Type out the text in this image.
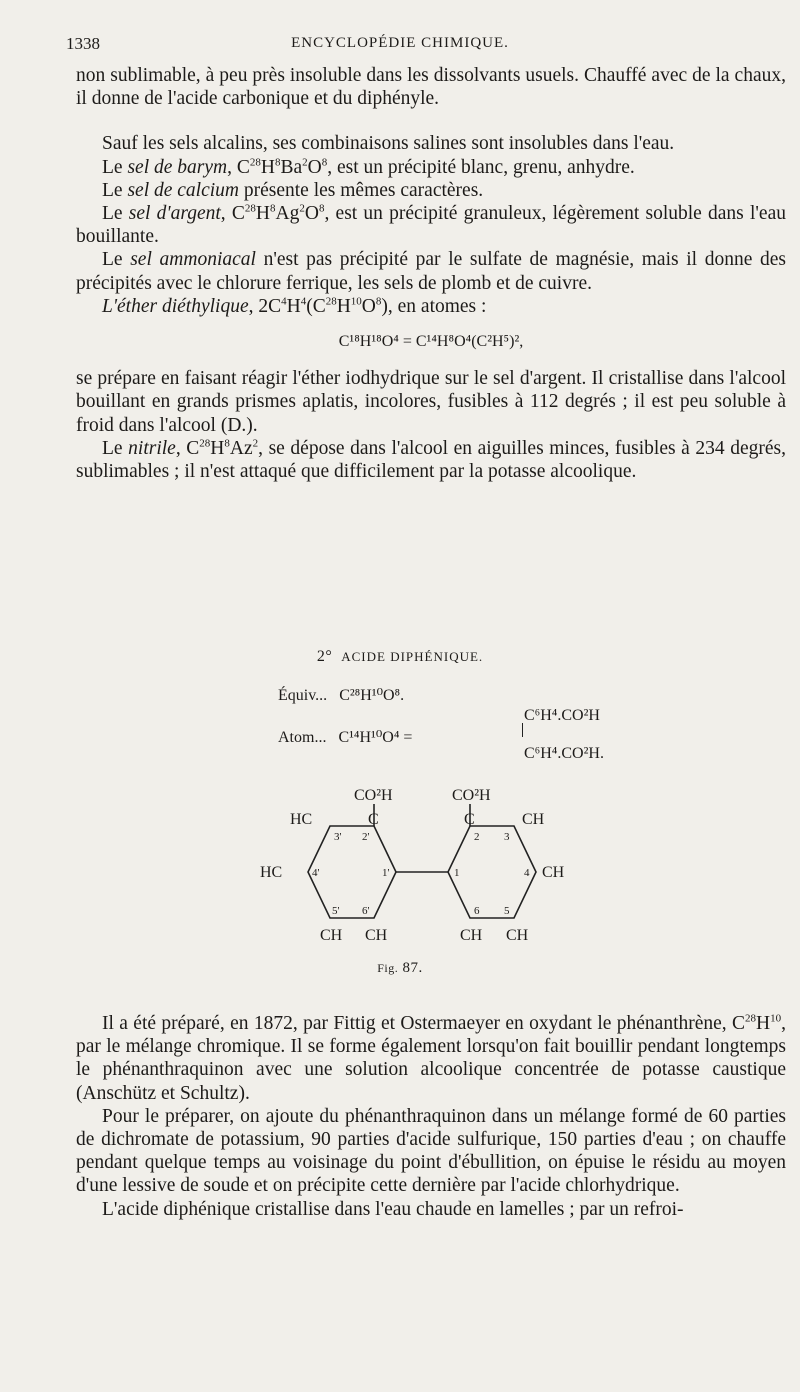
1338	ENCYCLOPÉDIE CHIMIQUE.

non sublimable, à peu près insoluble dans les dissolvants usuels. Chauffé avec de la chaux, il donne de l'acide carbonique et du diphényle.

Sauf les sels alcalins, ses combinaisons salines sont insolubles dans l'eau.

Le sel de barym, $C^{28}H^8Ba^2O^8$, est un précipité blanc, grenu, anhydre.

Le sel de calcium présente les mêmes caractères.

Le sel d'argent, $C^{28}H^8Ag^2O^8$, est un précipité granuleux, légèrement soluble dans l'eau bouillante.

Le sel ammoniacal n'est pas précipité par le sulfate de magnésie, mais il donne des précipités avec le chlorure ferrique, les sels de plomb et de cuivre.

L'éther diéthylique, $2C^4H^4(C^{28}H^{10}O^8)$, en atomes :

C¹⁸H¹⁸O⁴ = C¹⁴H⁸O⁴(C²H⁵)²,

se prépare en faisant réagir l'éther iodhydrique sur le sel d'argent. Il cristallise dans l'alcool bouillant en grands prismes aplatis, incolores, fusibles à 112 degrés ; il est peu soluble à froid dans l'alcool (D.).

Le nitrile, $C^{28}H^8Az^2$, se dépose dans l'alcool en aiguilles minces, fusibles à 234 degrés, sublimables ; il n'est attaqué que difficilement par la potasse alcoolique.

2° ACIDE DIPHÉNIQUE.
Équiv... C²⁸H¹⁰O⁸.
C⁶H⁴.CO²H
Atom... C¹⁴H¹⁰O⁴ =
C⁶H⁴.CO²H.
CO²H	CO²H
HC	C	C	CH
HC	CH
CH CH	CH CH
3' 2'
4'	1'
5' 6'
2 3
1	4
6 5
Fig. 87.

Il a été préparé, en 1872, par Fittig et Ostermaeyer en oxydant le phénanthrène, $C^{28}H^{10}$, par le mélange chromique. Il se forme également lorsqu'on fait bouillir pendant longtemps le phénanthraquinon avec une solution alcoolique concentrée de potasse caustique (Anschütz et Schultz).

Pour le préparer, on ajoute du phénanthraquinon dans un mélange formé de 60 parties de dichromate de potassium, 90 parties d'acide sulfurique, 150 parties d'eau ; on chauffe pendant quelque temps au voisinage du point d'ébullition, on épuise le résidu au moyen d'une lessive de soude et on précipite cette dernière par l'acide chlorhydrique.

L'acide diphénique cristallise dans l'eau chaude en lamelles ; par un refroi-
